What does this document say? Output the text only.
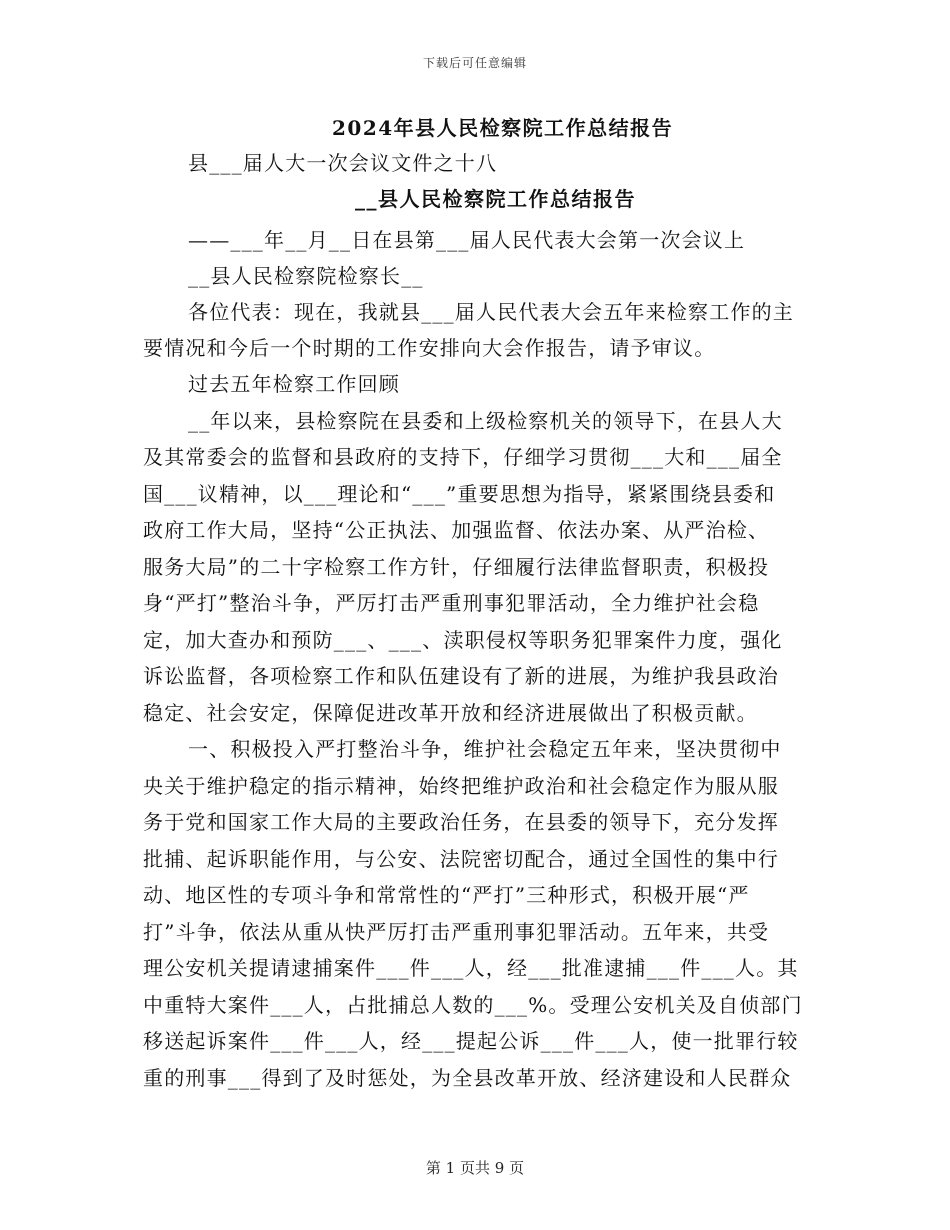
下载后可任意编辑
2024年县人民检察院工作总结报告
县___届人大一次会议文件之十八
__县人民检察院工作总结报告
——___年__月__日在县第___届人民代表大会第一次会议上
__县人民检察院检察长__
各位代表：现在，我就县___届人民代表大会五年来检察工作的主
要情况和今后一个时期的工作安排向大会作报告，请予审议。
过去五年检察工作回顾
__年以来，县检察院在县委和上级检察机关的领导下，在县人大
及其常委会的监督和县政府的支持下，仔细学习贯彻___大和___届全
国___议精神，以___理论和“___”重要思想为指导，紧紧围绕县委和
政府工作大局，坚持“公正执法、加强监督、依法办案、从严治检、
服务大局”的二十字检察工作方针，仔细履行法律监督职责，积极投
身“严打”整治斗争，严厉打击严重刑事犯罪活动，全力维护社会稳
定，加大查办和预防___、___、渎职侵权等职务犯罪案件力度，强化
诉讼监督，各项检察工作和队伍建设有了新的进展，为维护我县政治
稳定、社会安定，保障促进改革开放和经济进展做出了积极贡献。
一、积极投入严打整治斗争，维护社会稳定五年来，坚决贯彻中
央关于维护稳定的指示精神，始终把维护政治和社会稳定作为服从服
务于党和国家工作大局的主要政治任务，在县委的领导下，充分发挥
批捕、起诉职能作用，与公安、法院密切配合，通过全国性的集中行
动、地区性的专项斗争和常常性的“严打”三种形式，积极开展“严
打”斗争，依法从重从快严厉打击严重刑事犯罪活动。五年来，共受
理公安机关提请逮捕案件___件___人，经___批准逮捕___件___人。其
中重特大案件___人，占批捕总人数的___%。受理公安机关及自侦部门
移送起诉案件___件___人，经___提起公诉___件___人，使一批罪行较
重的刑事___得到了及时惩处，为全县改革开放、经济建设和人民群众
第 1 页共 9 页
